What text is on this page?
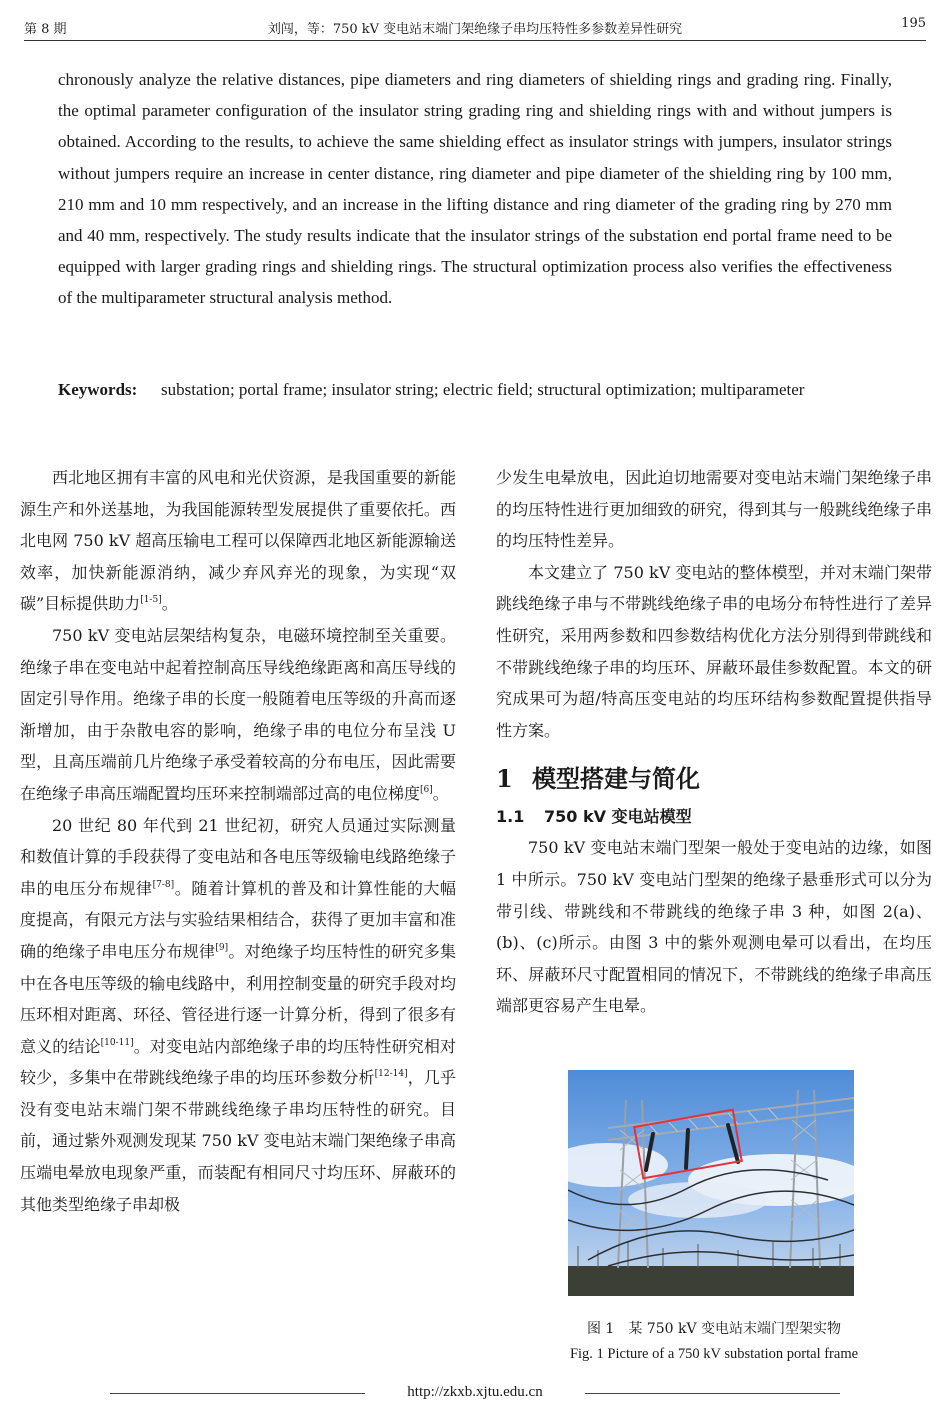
第 8 期	刘闯，等：750 kV 变电站末端门架绝缘子串均压特性多参数差异性研究	195

chronously analyze the relative distances, pipe diameters and ring diameters of shielding rings and grading ring. Finally, the optimal parameter configuration of the insulator string grading ring and shielding rings with and without jumpers is obtained. According to the results, to achieve the same shielding effect as insulator strings with jumpers, insulator strings without jumpers require an increase in center distance, ring diameter and pipe diameter of the shielding ring by 100 mm, 210 mm and 10 mm respectively, and an increase in the lifting distance and ring diameter of the grading ring by 270 mm and 40 mm, respectively. The study results indicate that the insulator strings of the substation end portal frame need to be equipped with larger grading rings and shielding rings. The structural optimization process also verifies the effectiveness of the multiparameter structural analysis method.

Keywords: substation; portal frame; insulator string; electric field; structural optimization; multiparameter

西北地区拥有丰富的风电和光伏资源，是我国重要的新能源生产和外送基地，为我国能源转型发展提供了重要依托。西北电网 750 kV 超高压输电工程可以保障西北地区新能源输送效率，加快新能源消纳，减少弃风弃光的现象，为实现“双碳”目标提供助力[1-5]。

750 kV 变电站层架结构复杂，电磁环境控制至关重要。绝缘子串在变电站中起着控制高压导线绝缘距离和高压导线的固定引导作用。绝缘子串的长度一般随着电压等级的升高而逐渐增加，由于杂散电容的影响，绝缘子串的电位分布呈浅 U 型，且高压端前几片绝缘子承受着较高的分布电压，因此需要在绝缘子串高压端配置均压环来控制端部过高的电位梯度[6]。

20 世纪 80 年代到 21 世纪初，研究人员通过实际测量和数值计算的手段获得了变电站和各电压等级输电线路绝缘子串的电压分布规律[7-8]。随着计算机的普及和计算性能的大幅度提高，有限元方法与实验结果相结合，获得了更加丰富和准确的绝缘子串电压分布规律[9]。对绝缘子均压特性的研究多集中在各电压等级的输电线路中，利用控制变量的研究手段对均压环相对距离、环径、管径进行逐一计算分析，得到了很多有意义的结论[10-11]。对变电站内部绝缘子串的均压特性研究相对较少，多集中在带跳线绝缘子串的均压环参数分析[12-14]，几乎没有变电站末端门架不带跳线绝缘子串均压特性的研究。目前，通过紫外观测发现某 750 kV 变电站末端门架绝缘子串高压端电晕放电现象严重，而装配有相同尺寸均压环、屏蔽环的其他类型绝缘子串却极

少发生电晕放电，因此迫切地需要对变电站末端门架绝缘子串的均压特性进行更加细致的研究，得到其与一般跳线绝缘子串的均压特性差异。

本文建立了 750 kV 变电站的整体模型，并对末端门架带跳线绝缘子串与不带跳线绝缘子串的电场分布特性进行了差异性研究，采用两参数和四参数结构优化方法分别得到带跳线和不带跳线绝缘子串的均压环、屏蔽环最佳参数配置。本文的研究成果可为超/特高压变电站的均压环结构参数配置提供指导性方案。

1 模型搭建与简化
1.1 750 kV 变电站模型

750 kV 变电站末端门型架一般处于变电站的边缘，如图 1 中所示。750 kV 变电站门型架的绝缘子悬垂形式可以分为带引线、带跳线和不带跳线的绝缘子串 3 种，如图 2(a)、(b)、(c)所示。由图 3 中的紫外观测电晕可以看出，在均压环、屏蔽环尺寸配置相同的情况下，不带跳线的绝缘子串高压端部更容易产生电晕。

图 1　某 750 kV 变电站末端门型架实物
Fig. 1 Picture of a 750 kV substation portal frame
http://zkxb.xjtu.edu.cn
